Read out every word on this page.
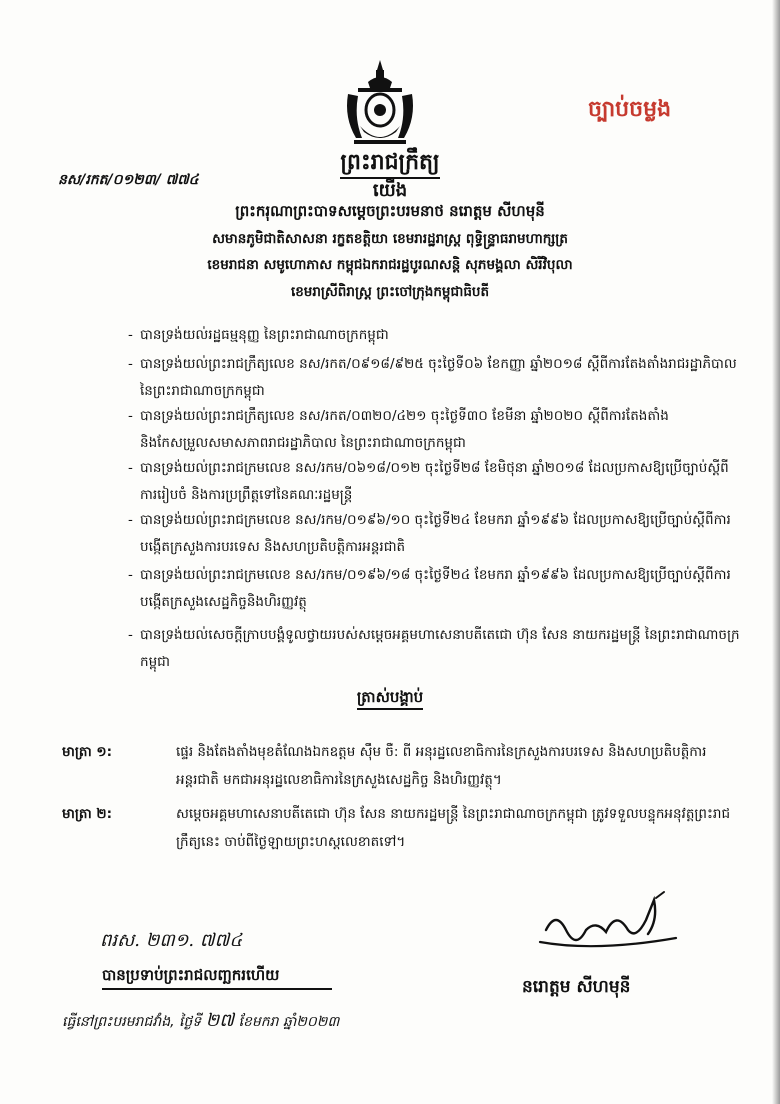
ច្បាប់ចម្លង
ព្រះរាជក្រឹត្យ
នស/រកត/០១២៣/ ៧៧៤	យើង
ព្រះករុណាព្រះបាទសម្តេចព្រះបរមនាថ នរោត្តម សីហមុនី
សមានភូមិជាតិសាសនា រក្ខតខត្តិយា ខេមរារដ្ឋរាស្ត្រ ពុទ្ធិន្ទ្រាធរាមហាក្សត្រ
ខេមរាជនា សមូហោភាស កម្ពុជឯករាជរដ្ឋបូរណសន្តិ សុភមង្គលា សិរីវិបុលា
ខេមរាស្រីពិរាស្ត្រ ព្រះចៅក្រុងកម្ពុជាធិបតី
- បានទ្រង់យល់រដ្ឋធម្មនុញ្ញ នៃព្រះរាជាណាចក្រកម្ពុជា
- បានទ្រង់យល់ព្រះរាជក្រឹត្យលេខ នស/រកត/០៩១៨/៩២៥ ចុះថ្ងៃទី០៦ ខែកញ្ញា ឆ្នាំ២០១៨ ស្តីពីការតែងតាំងរាជរដ្ឋាភិបាល នៃព្រះរាជាណាចក្រកម្ពុជា
- បានទ្រង់យល់ព្រះរាជក្រឹត្យលេខ នស/រកត/០៣២០/៤២១ ចុះថ្ងៃទី៣០ ខែមីនា ឆ្នាំ២០២០ ស្តីពីការតែងតាំង និងកែសម្រួលសមាសភាពរាជរដ្ឋាភិបាល នៃព្រះរាជាណាចក្រកម្ពុជា
- បានទ្រង់យល់ព្រះរាជក្រមលេខ នស/រកម/០៦១៨/០១២ ចុះថ្ងៃទី២៨ ខែមិថុនា ឆ្នាំ២០១៨ ដែលប្រកាសឱ្យប្រើច្បាប់ស្តីពីការរៀបចំ និងការប្រព្រឹត្តទៅនៃគណៈរដ្ឋមន្ត្រី
- បានទ្រង់យល់ព្រះរាជក្រមលេខ នស/រកម/០១៩៦/១០ ចុះថ្ងៃទី២៤ ខែមករា ឆ្នាំ១៩៩៦ ដែលប្រកាសឱ្យប្រើច្បាប់ស្តីពីការបង្កើតក្រសួងការបរទេស និងសហប្រតិបត្តិការអន្តរជាតិ
- បានទ្រង់យល់ព្រះរាជក្រមលេខ នស/រកម/០១៩៦/១៨ ចុះថ្ងៃទី២៤ ខែមករា ឆ្នាំ១៩៩៦ ដែលប្រកាសឱ្យប្រើច្បាប់ស្តីពីការបង្កើតក្រសួងសេដ្ឋកិច្ចនិងហិរញ្ញវត្ថុ
- បានទ្រង់យល់សេចក្តីក្រាបបង្គំទូលថ្វាយរបស់សម្តេចអគ្គមហាសេនាបតីតេជោ ហ៊ុន សែន នាយករដ្ឋមន្ត្រី នៃព្រះរាជាណាចក្រកម្ពុជា
ត្រាស់បង្គាប់
មាត្រា ១:	ផ្ទេរ និងតែងតាំងមុខតំណែងឯកឧត្តម ស៊ឹម ចឺ: ពី អនុរដ្ឋលេខាធិការនៃក្រសួងការបរទេស និងសហប្រតិបត្តិការអន្តរជាតិ មកជាអនុរដ្ឋលេខាធិការនៃក្រសួងសេដ្ឋកិច្ច និងហិរញ្ញវត្ថុ។
មាត្រា ២:	សម្តេចអគ្គមហាសេនាបតីតេជោ ហ៊ុន សែន នាយករដ្ឋមន្ត្រី នៃព្រះរាជាណាចក្រកម្ពុជា ត្រូវទទួលបន្ទុកអនុវត្តព្រះរាជក្រឹត្យនេះ ចាប់ពីថ្ងៃឡាយព្រះហស្តលេខាតទៅ។
ពរស. ២៣១. ៧៧៤
បានប្រទាប់ព្រះរាជលញ្ឆករហើយ
ធ្វើនៅព្រះបរមរាជវាំង, ថ្ងៃទី ២៧ ខែមករា ឆ្នាំ២០២៣
នរោត្តម សីហមុនី
